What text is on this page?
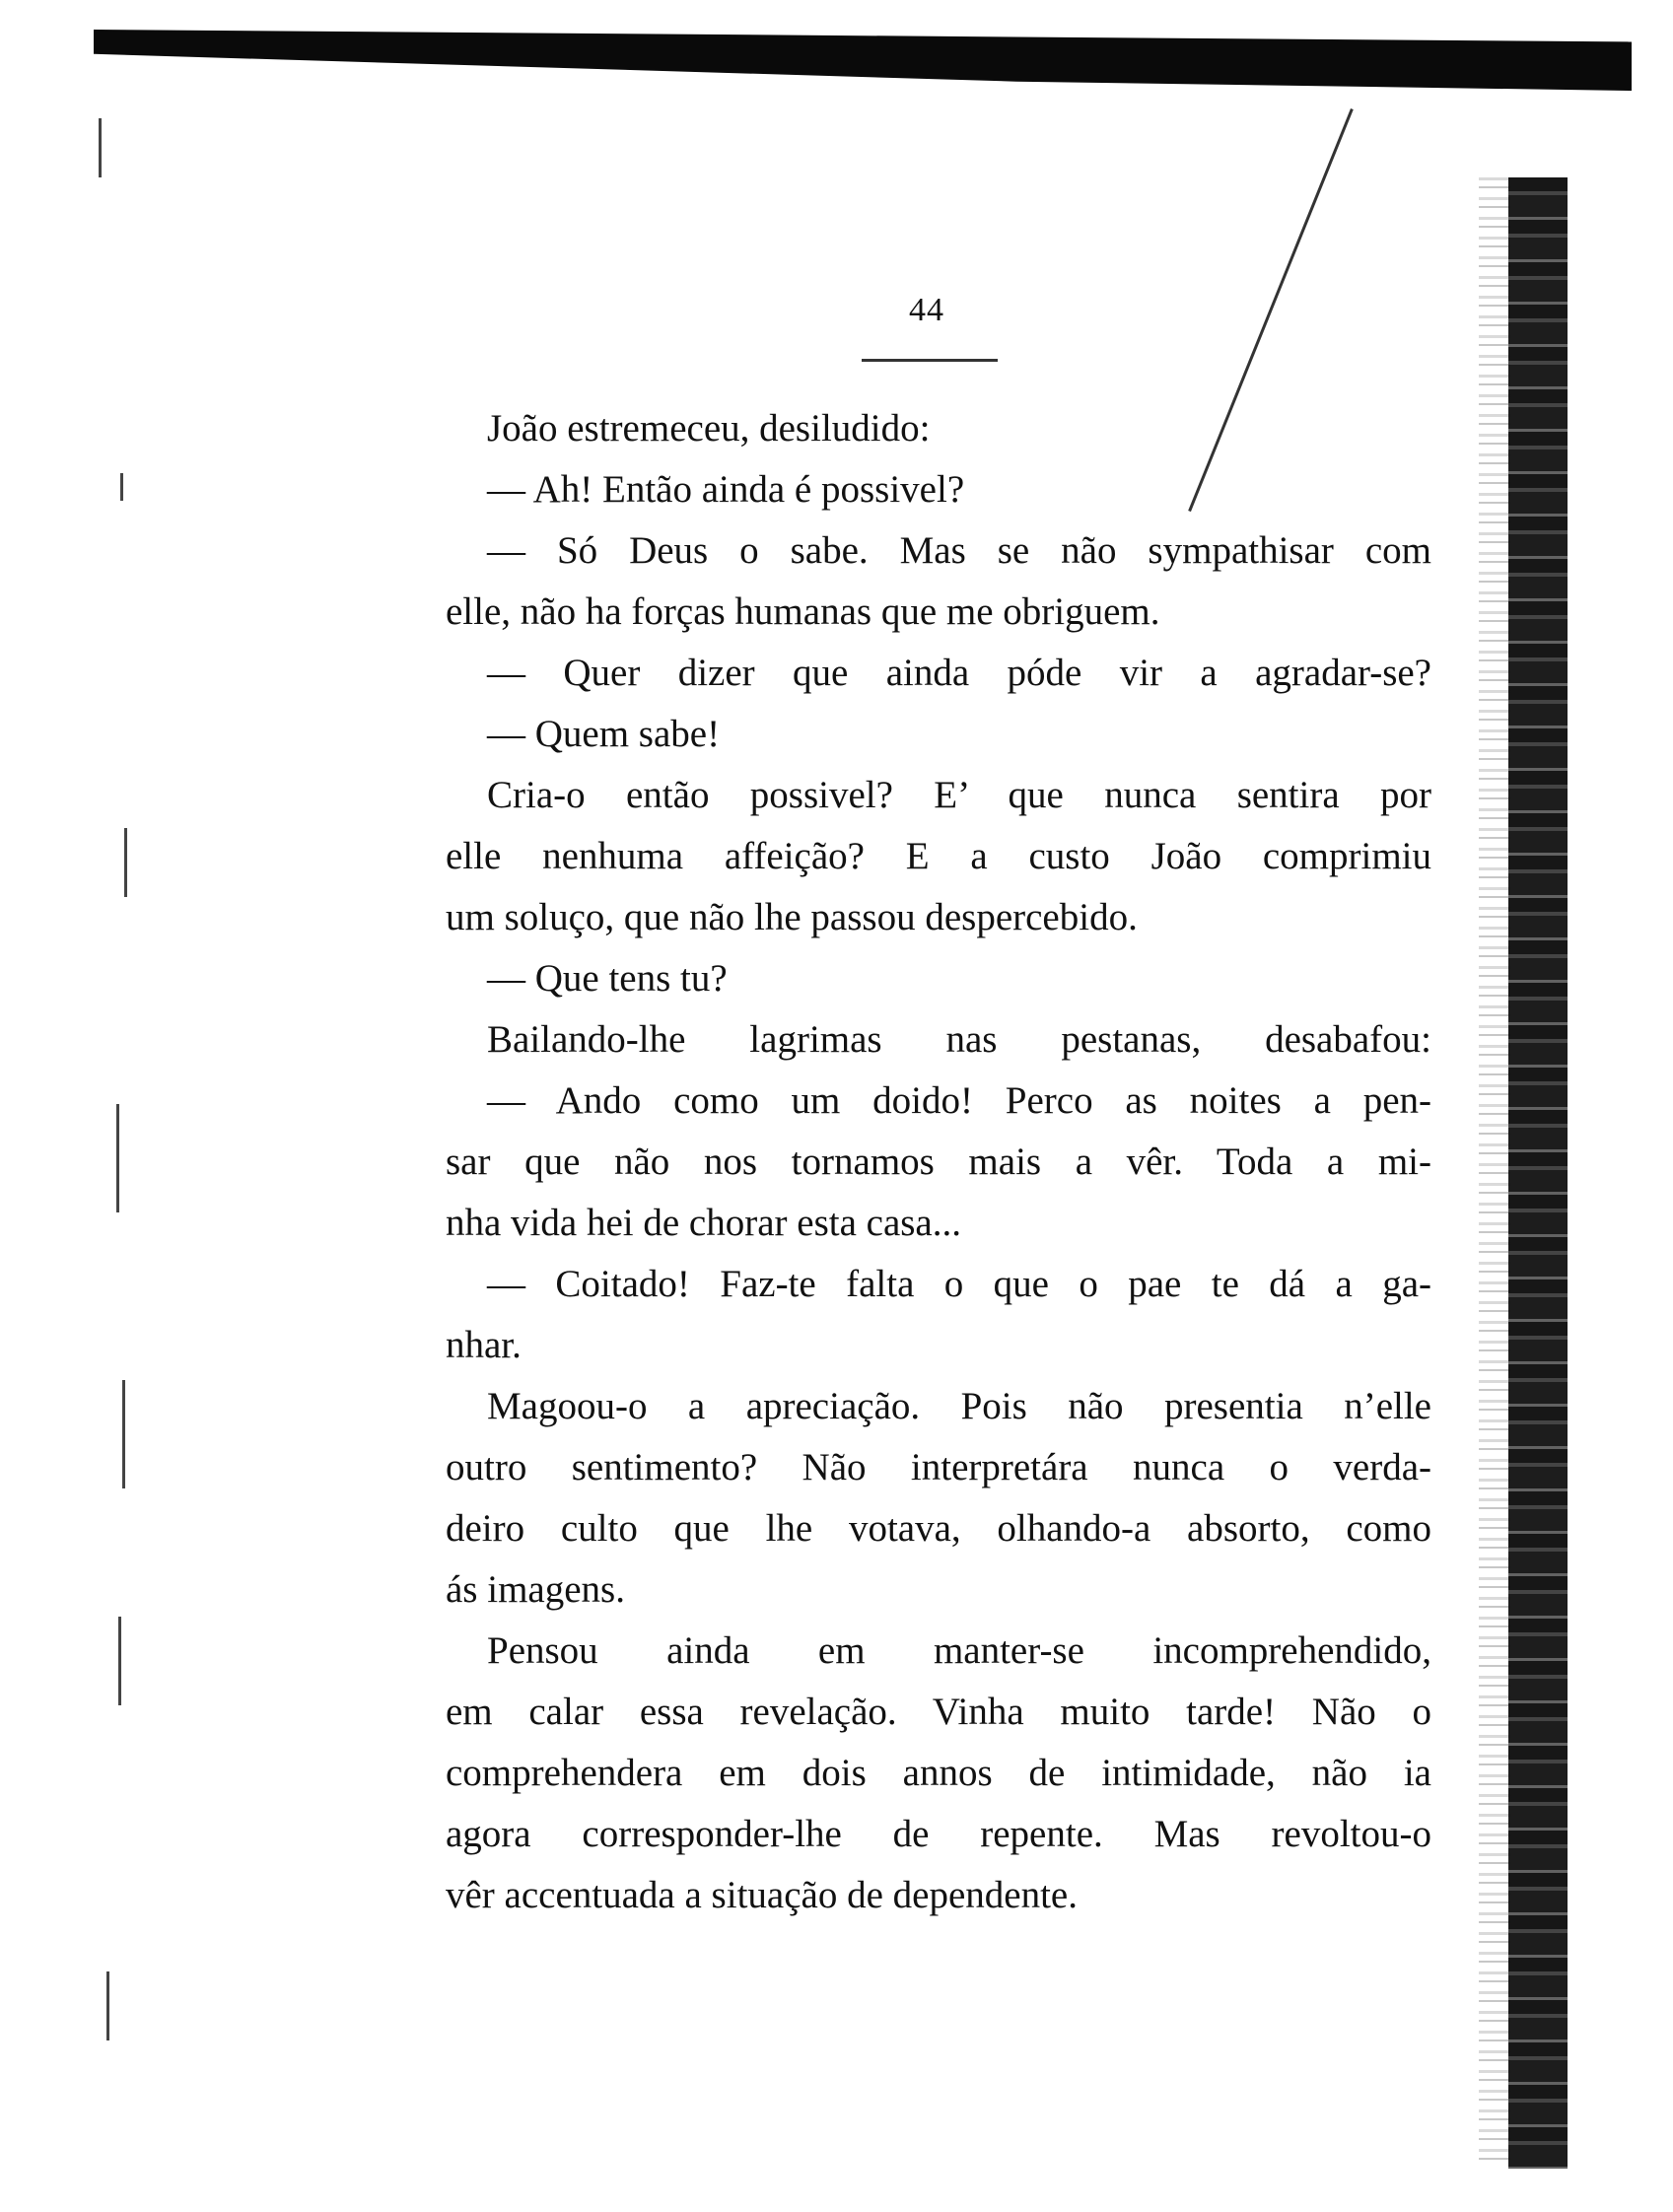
44
João estremeceu, desiludido:
— Ah! Então ainda é possivel?
— Só Deus o sabe. Mas se não sympathisar com
elle, não ha forças humanas que me obriguem.
— Quer dizer que ainda póde vir a agradar-se?
— Quem sabe!
Cria-o então possivel? E’ que nunca sentira por
elle nenhuma affeição? E a custo João comprimiu
um soluço, que não lhe passou despercebido.
— Que tens tu?
Bailando-lhe lagrimas nas pestanas, desabafou:
— Ando como um doido! Perco as noites a pen-
sar que não nos tornamos mais a vêr. Toda a mi-
nha vida hei de chorar esta casa...
— Coitado! Faz-te falta o que o pae te dá a ga-
nhar.
Magoou-o a apreciação. Pois não presentia n’elle
outro sentimento? Não interpretára nunca o verda-
deiro culto que lhe votava, olhando-a absorto, como
ás imagens.
Pensou ainda em manter-se incomprehendido,
em calar essa revelação. Vinha muito tarde! Não o
comprehendera em dois annos de intimidade, não ia
agora corresponder-lhe de repente. Mas revoltou-o
vêr accentuada a situação de dependente.
